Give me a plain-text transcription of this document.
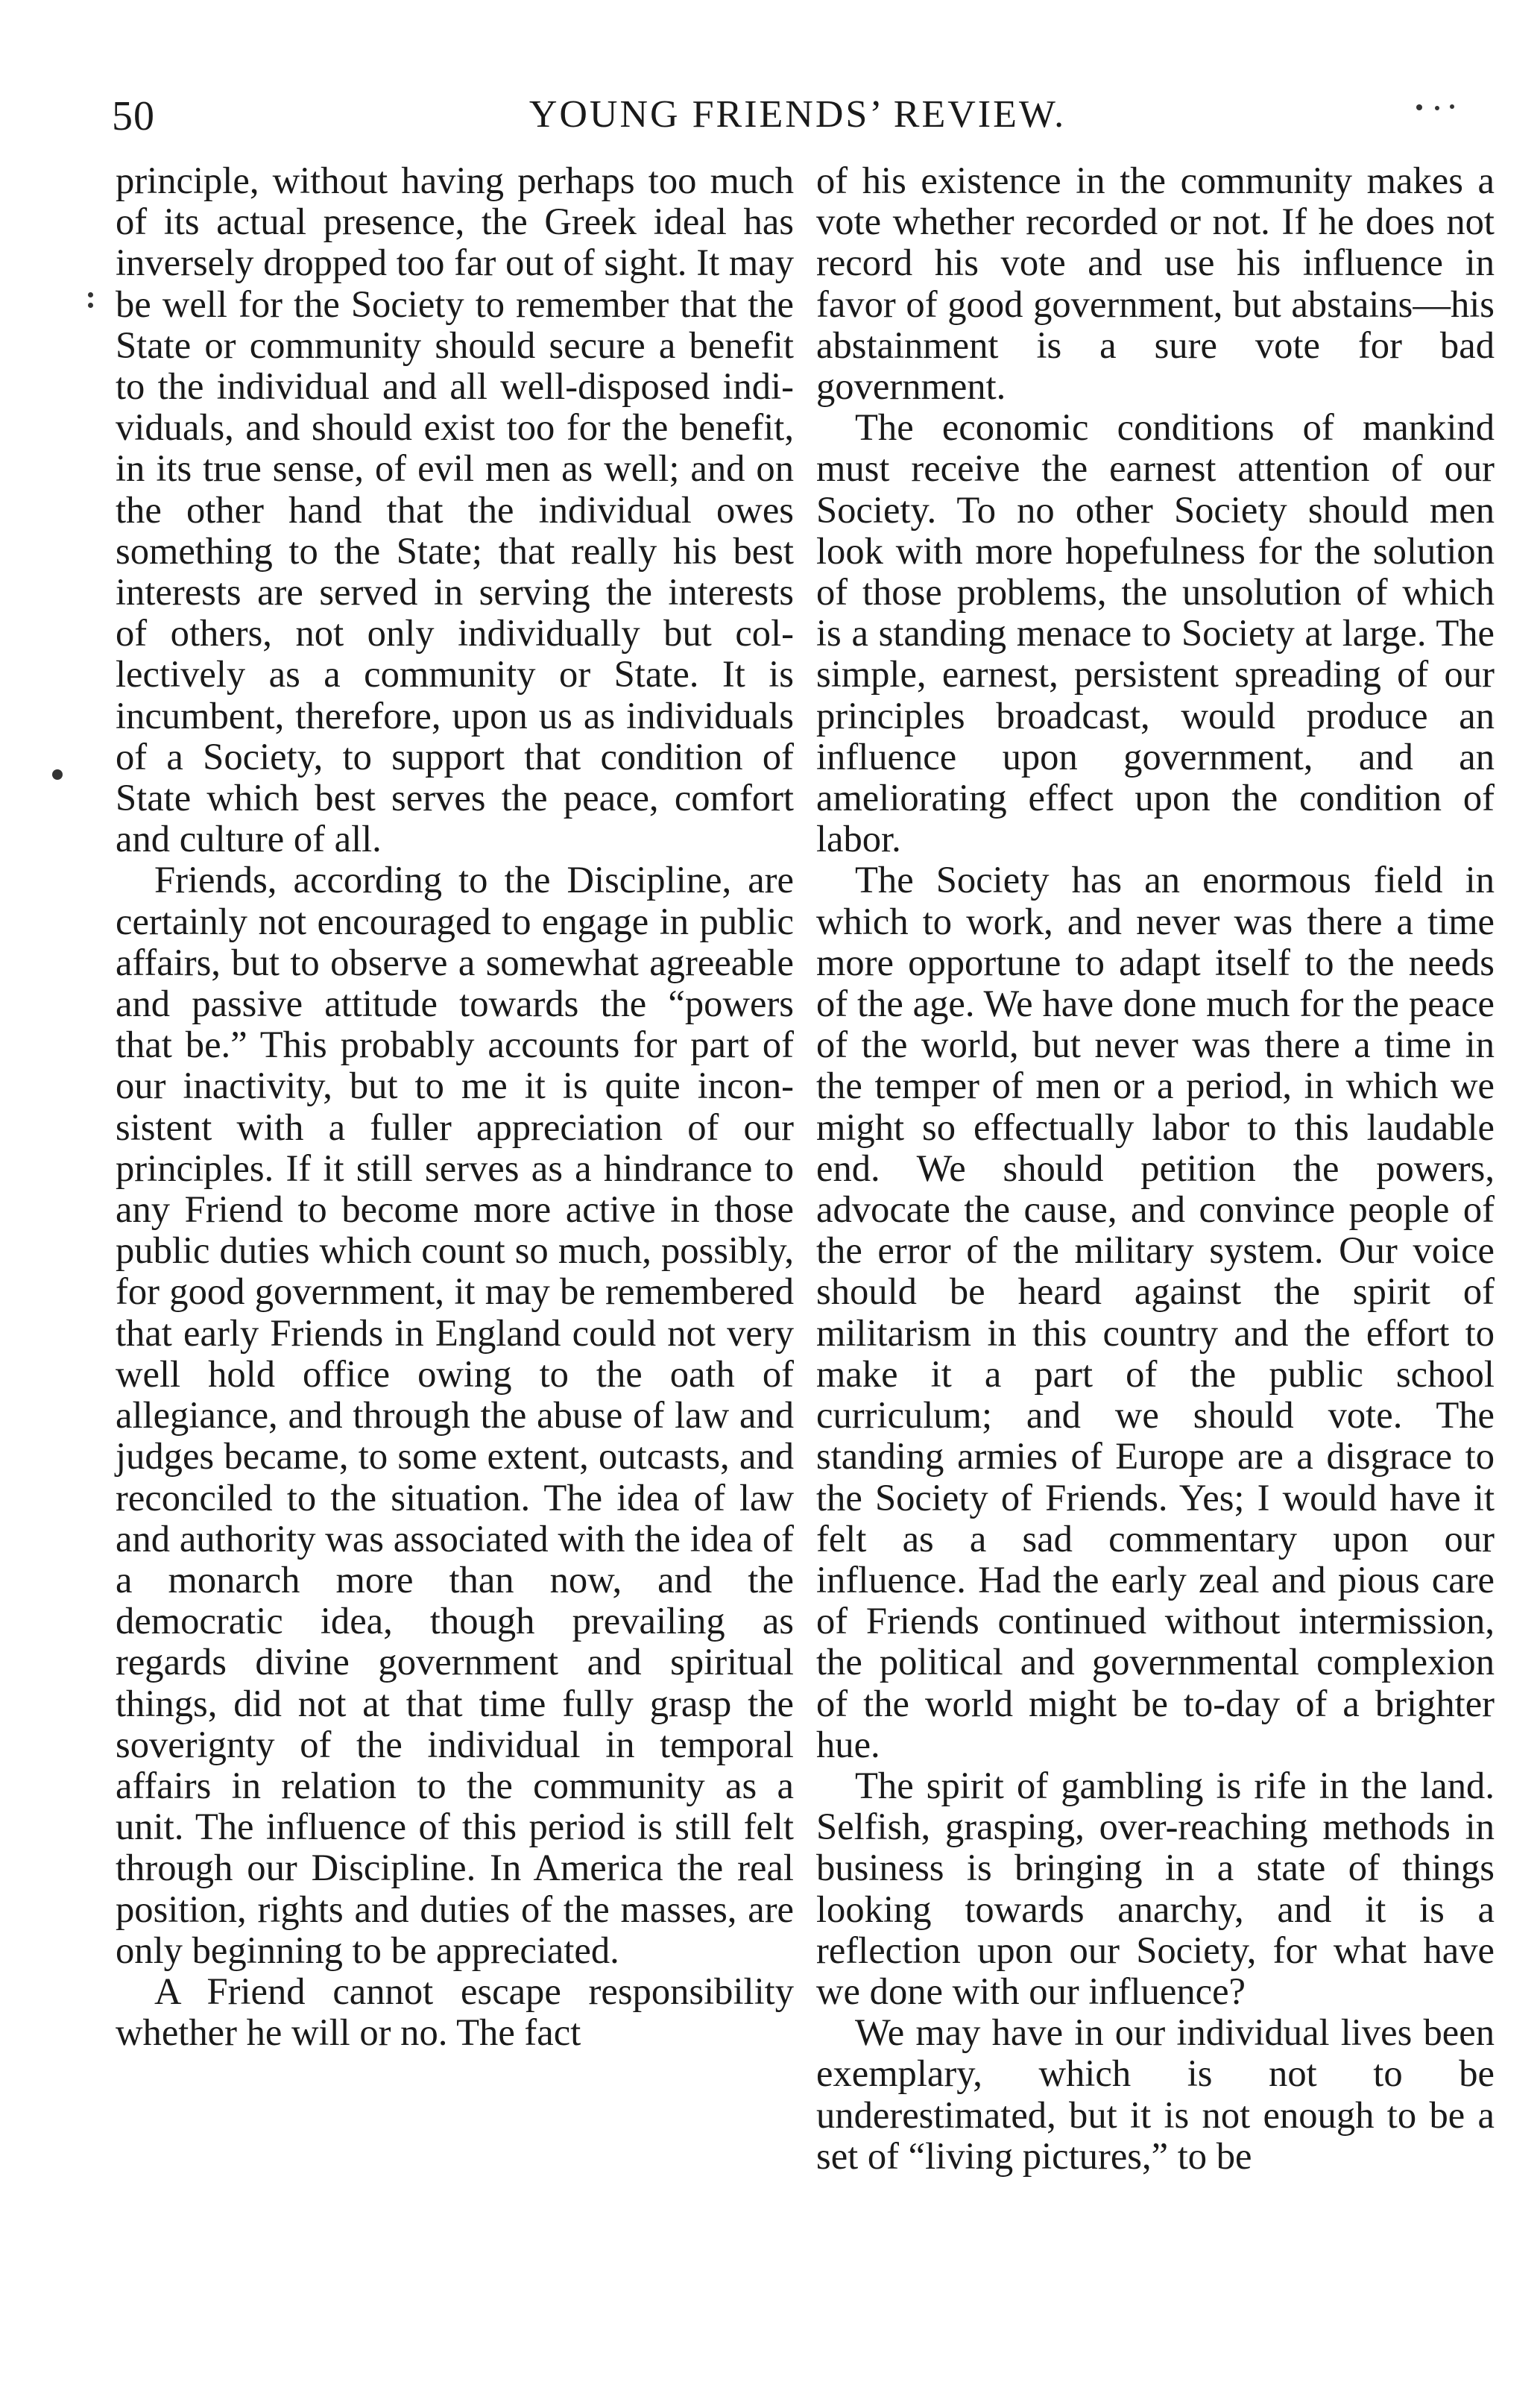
50	YOUNG FRIENDS’ REVIEW.

principle, without having perhaps too much of its actual presence, the Greek ideal has inversely dropped too far out of sight. It may be well for the Society to remember that the State or community should secure a benefit to the individual and all well-disposed individuals, and should exist too for the benefit, in its true sense, of evil men as well; and on the other hand that the individual owes something to the State; that really his best interests are served in serving the interests of others, not only individually but collectively as a community or State. It is incumbent, therefore, upon us as individuals of a Society, to support that condition of State which best serves the peace, comfort and culture of all.

Friends, according to the Discipline, are certainly not encouraged to engage in public affairs, but to observe a somewhat agreeable and passive attitude towards the “powers that be.” This probably accounts for part of our inactivity, but to me it is quite inconsistent with a fuller appreciation of our principles. If it still serves as a hindrance to any Friend to become more active in those public duties which count so much, possibly, for good government, it may be remembered that early Friends in England could not very well hold office owing to the oath of allegiance, and through the abuse of law and judges became, to some extent, outcasts, and reconciled to the situation. The idea of law and authority was associated with the idea of a monarch more than now, and the democratic idea, though prevailing as regards divine government and spiritual things, did not at that time fully grasp the soverignty of the individual in temporal affairs in relation to the community as a unit. The influence of this period is still felt through our Discipline. In America the real position, rights and duties of the masses, are only beginning to be appreciated.

A Friend cannot escape responsibility whether he will or no. The fact

of his existence in the community makes a vote whether recorded or not. If he does not record his vote and use his influence in favor of good government, but abstains—his abstainment is a sure vote for bad government.

The economic conditions of mankind must receive the earnest attention of our Society. To no other Society should men look with more hopefulness for the solution of those problems, the unsolution of which is a standing menace to Society at large. The simple, earnest, persistent spreading of our principles broadcast, would produce an influence upon government, and an ameliorating effect upon the condition of labor.

The Society has an enormous field in which to work, and never was there a time more opportune to adapt itself to the needs of the age. We have done much for the peace of the world, but never was there a time in the temper of men or a period, in which we might so effectually labor to this laudable end. We should petition the powers, advocate the cause, and convince people of the error of the military system. Our voice should be heard against the spirit of militarism in this country and the effort to make it a part of the public school curriculum; and we should vote. The standing armies of Europe are a disgrace to the Society of Friends. Yes; I would have it felt as a sad commentary upon our influence. Had the early zeal and pious care of Friends continued without intermission, the political and governmental complexion of the world might be to-day of a brighter hue.

The spirit of gambling is rife in the land. Selfish, grasping, over-reaching methods in business is bringing in a state of things looking towards anarchy, and it is a reflection upon our Society, for what have we done with our influence?

We may have in our individual lives been exemplary, which is not to be underestimated, but it is not enough to be a set of “living pictures,” to be
